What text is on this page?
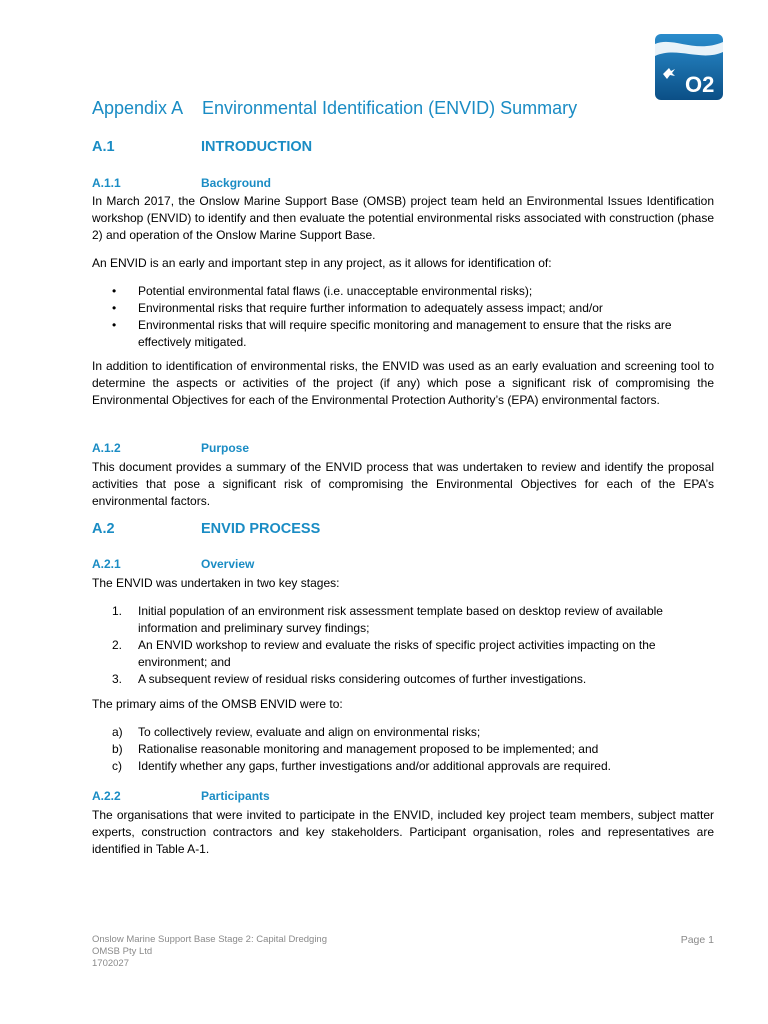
O2
Appendix A Environmental Identification (ENVID) Summary
A.1	INTRODUCTION
A.1.1	Background

In March 2017, the Onslow Marine Support Base (OMSB) project team held an Environmental Issues Identification workshop (ENVID) to identify and then evaluate the potential environmental risks associated with construction (phase 2) and operation of the Onslow Marine Support Base.

An ENVID is an early and important step in any project, as it allows for identification of:

• Potential environmental fatal flaws (i.e. unacceptable environmental risks);
• Environmental risks that require further information to adequately assess impact; and/or
• Environmental risks that will require specific monitoring and management to ensure that the risks are effectively mitigated.

In addition to identification of environmental risks, the ENVID was used as an early evaluation and screening tool to determine the aspects or activities of the project (if any) which pose a significant risk of compromising the Environmental Objectives for each of the Environmental Protection Authority’s (EPA) environmental factors.

A.1.2	Purpose

This document provides a summary of the ENVID process that was undertaken to review and identify the proposal activities that pose a significant risk of compromising the Environmental Objectives for each of the EPA’s environmental factors.

A.2	ENVID PROCESS
A.2.1	Overview

The ENVID was undertaken in two key stages:

1. Initial population of an environment risk assessment template based on desktop review of available information and preliminary survey findings;
2. An ENVID workshop to review and evaluate the risks of specific project activities impacting on the environment; and
3. A subsequent review of residual risks considering outcomes of further investigations.

The primary aims of the OMSB ENVID were to:

a) To collectively review, evaluate and align on environmental risks;
b) Rationalise reasonable monitoring and management proposed to be implemented; and
c) Identify whether any gaps, further investigations and/or additional approvals are required.
A.2.2	Participants

The organisations that were invited to participate in the ENVID, included key project team members, subject matter experts, construction contractors and key stakeholders. Participant organisation, roles and representatives are identified in Table A-1.

Onslow Marine Support Base Stage 2: Capital Dredging
OMSB Pty Ltd
1702027
Page 1
